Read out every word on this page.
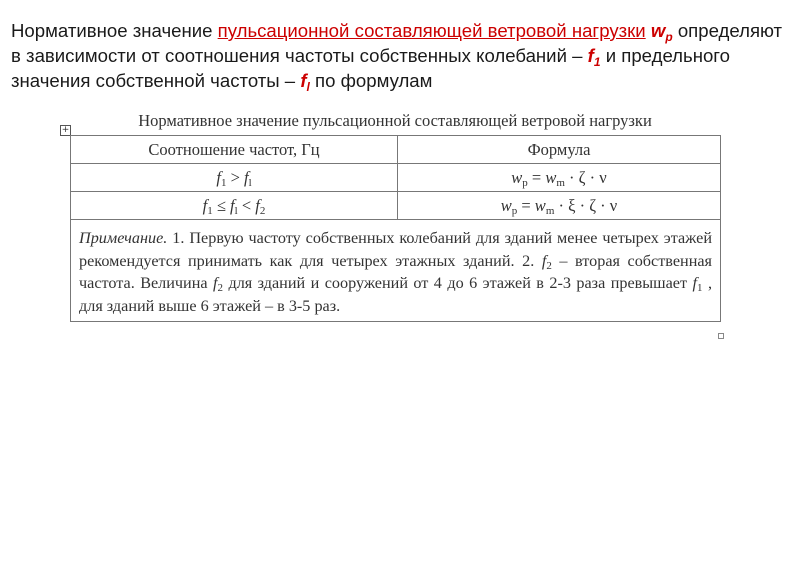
Нормативное значение пульсационной составляющей ветровой нагрузки $w_p$ определяют в зависимости от соотношения частоты собственных колебаний – $f_1$ и предельного значения собственной частоты – $f_l$ по формулам
+	Нормативное значение пульсационной составляющей ветровой нагрузки
Соотношение частот, Гц	Формула
$f_1 > f_l$	$w_p = w_m \cdot \zeta \cdot \nu$
$f_1 \le f_l < f_2$	$w_p = w_m \cdot \xi \cdot \zeta \cdot \nu$
Примечание. 1. Первую частоту собственных колебаний для зданий менее четырех этажей рекомендуется принимать как для четырех этажных зданий. 2. $f_2$ – вторая собственная частота. Величина $f_2$ для зданий и сооружений от 4 до 6 этажей в 2-3 раза превышает $f_1$ , для зданий выше 6 этажей – в 3-5 раз.	
